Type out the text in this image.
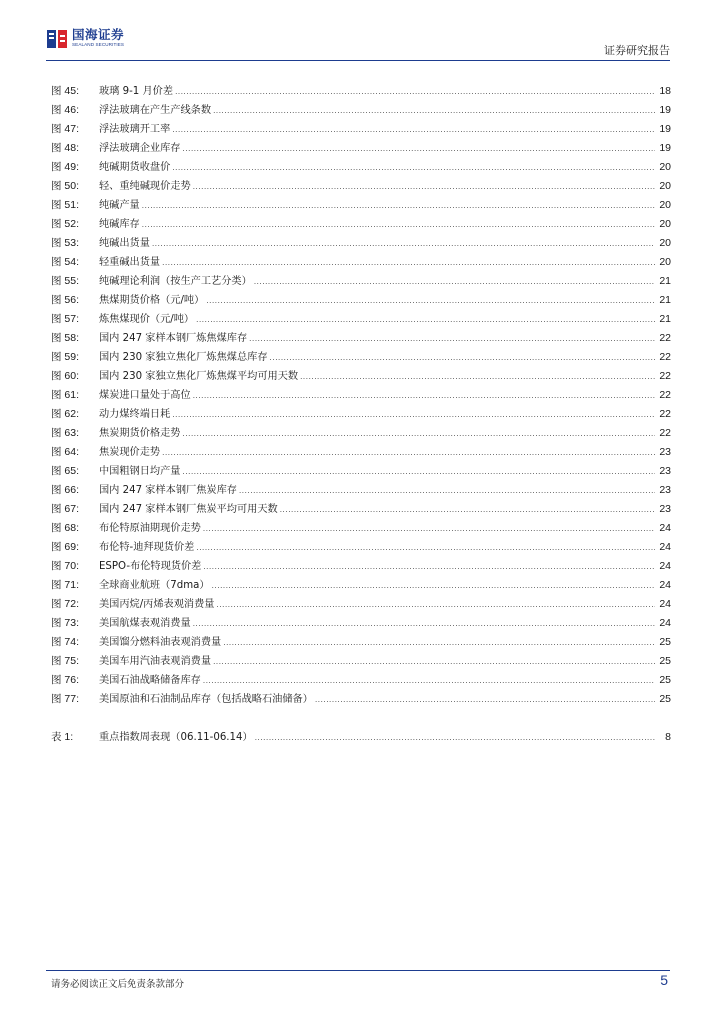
国海证券
SEALAND SECURITIES	证券研究报告
图 45:	玻璃 9-1 月价差 .....	18
图 46:	浮法玻璃在产生产线条数 .....	19
图 47:	浮法玻璃开工率 .....	19
图 48:	浮法玻璃企业库存 .....	19
图 49:	纯碱期货收盘价 .....	20
图 50:	轻、重纯碱现价走势 .....	20
图 51:	纯碱产量 .....	20
图 52:	纯碱库存 .....	20
图 53:	纯碱出货量 .....	20
图 54:	轻重碱出货量 .....	20
图 55:	纯碱理论利润（按生产工艺分类） .....	21
图 56:	焦煤期货价格（元/吨） .....	21
图 57:	炼焦煤现价（元/吨） .....	21
图 58:	国内 247 家样本钢厂炼焦煤库存 .....	22
图 59:	国内 230 家独立焦化厂炼焦煤总库存 .....	22
图 60:	国内 230 家独立焦化厂炼焦煤平均可用天数 .....	22
图 61:	煤炭进口量处于高位 .....	22
图 62:	动力煤终端日耗 .....	22
图 63:	焦炭期货价格走势 .....	22
图 64:	焦炭现价走势 .....	23
图 65:	中国粗钢日均产量 .....	23
图 66:	国内 247 家样本钢厂焦炭库存 .....	23
图 67:	国内 247 家样本钢厂焦炭平均可用天数 .....	23
图 68:	布伦特原油期现价走势 .....	24
图 69:	布伦特-迪拜现货价差 .....	24
图 70:	ESPO-布伦特现货价差 .....	24
图 71:	全球商业航班（7dma） .....	24
图 72:	美国丙烷/丙烯表观消费量 .....	24
图 73:	美国航煤表观消费量 .....	24
图 74:	美国馏分燃料油表观消费量 .....	25
图 75:	美国车用汽油表观消费量 .....	25
图 76:	美国石油战略储备库存 .....	25
图 77:	美国原油和石油制品库存（包括战略石油储备） .....	25
表 1:	重点指数周表现（06.11-06.14） .....	8
请务必阅读正文后免责条款部分	5
